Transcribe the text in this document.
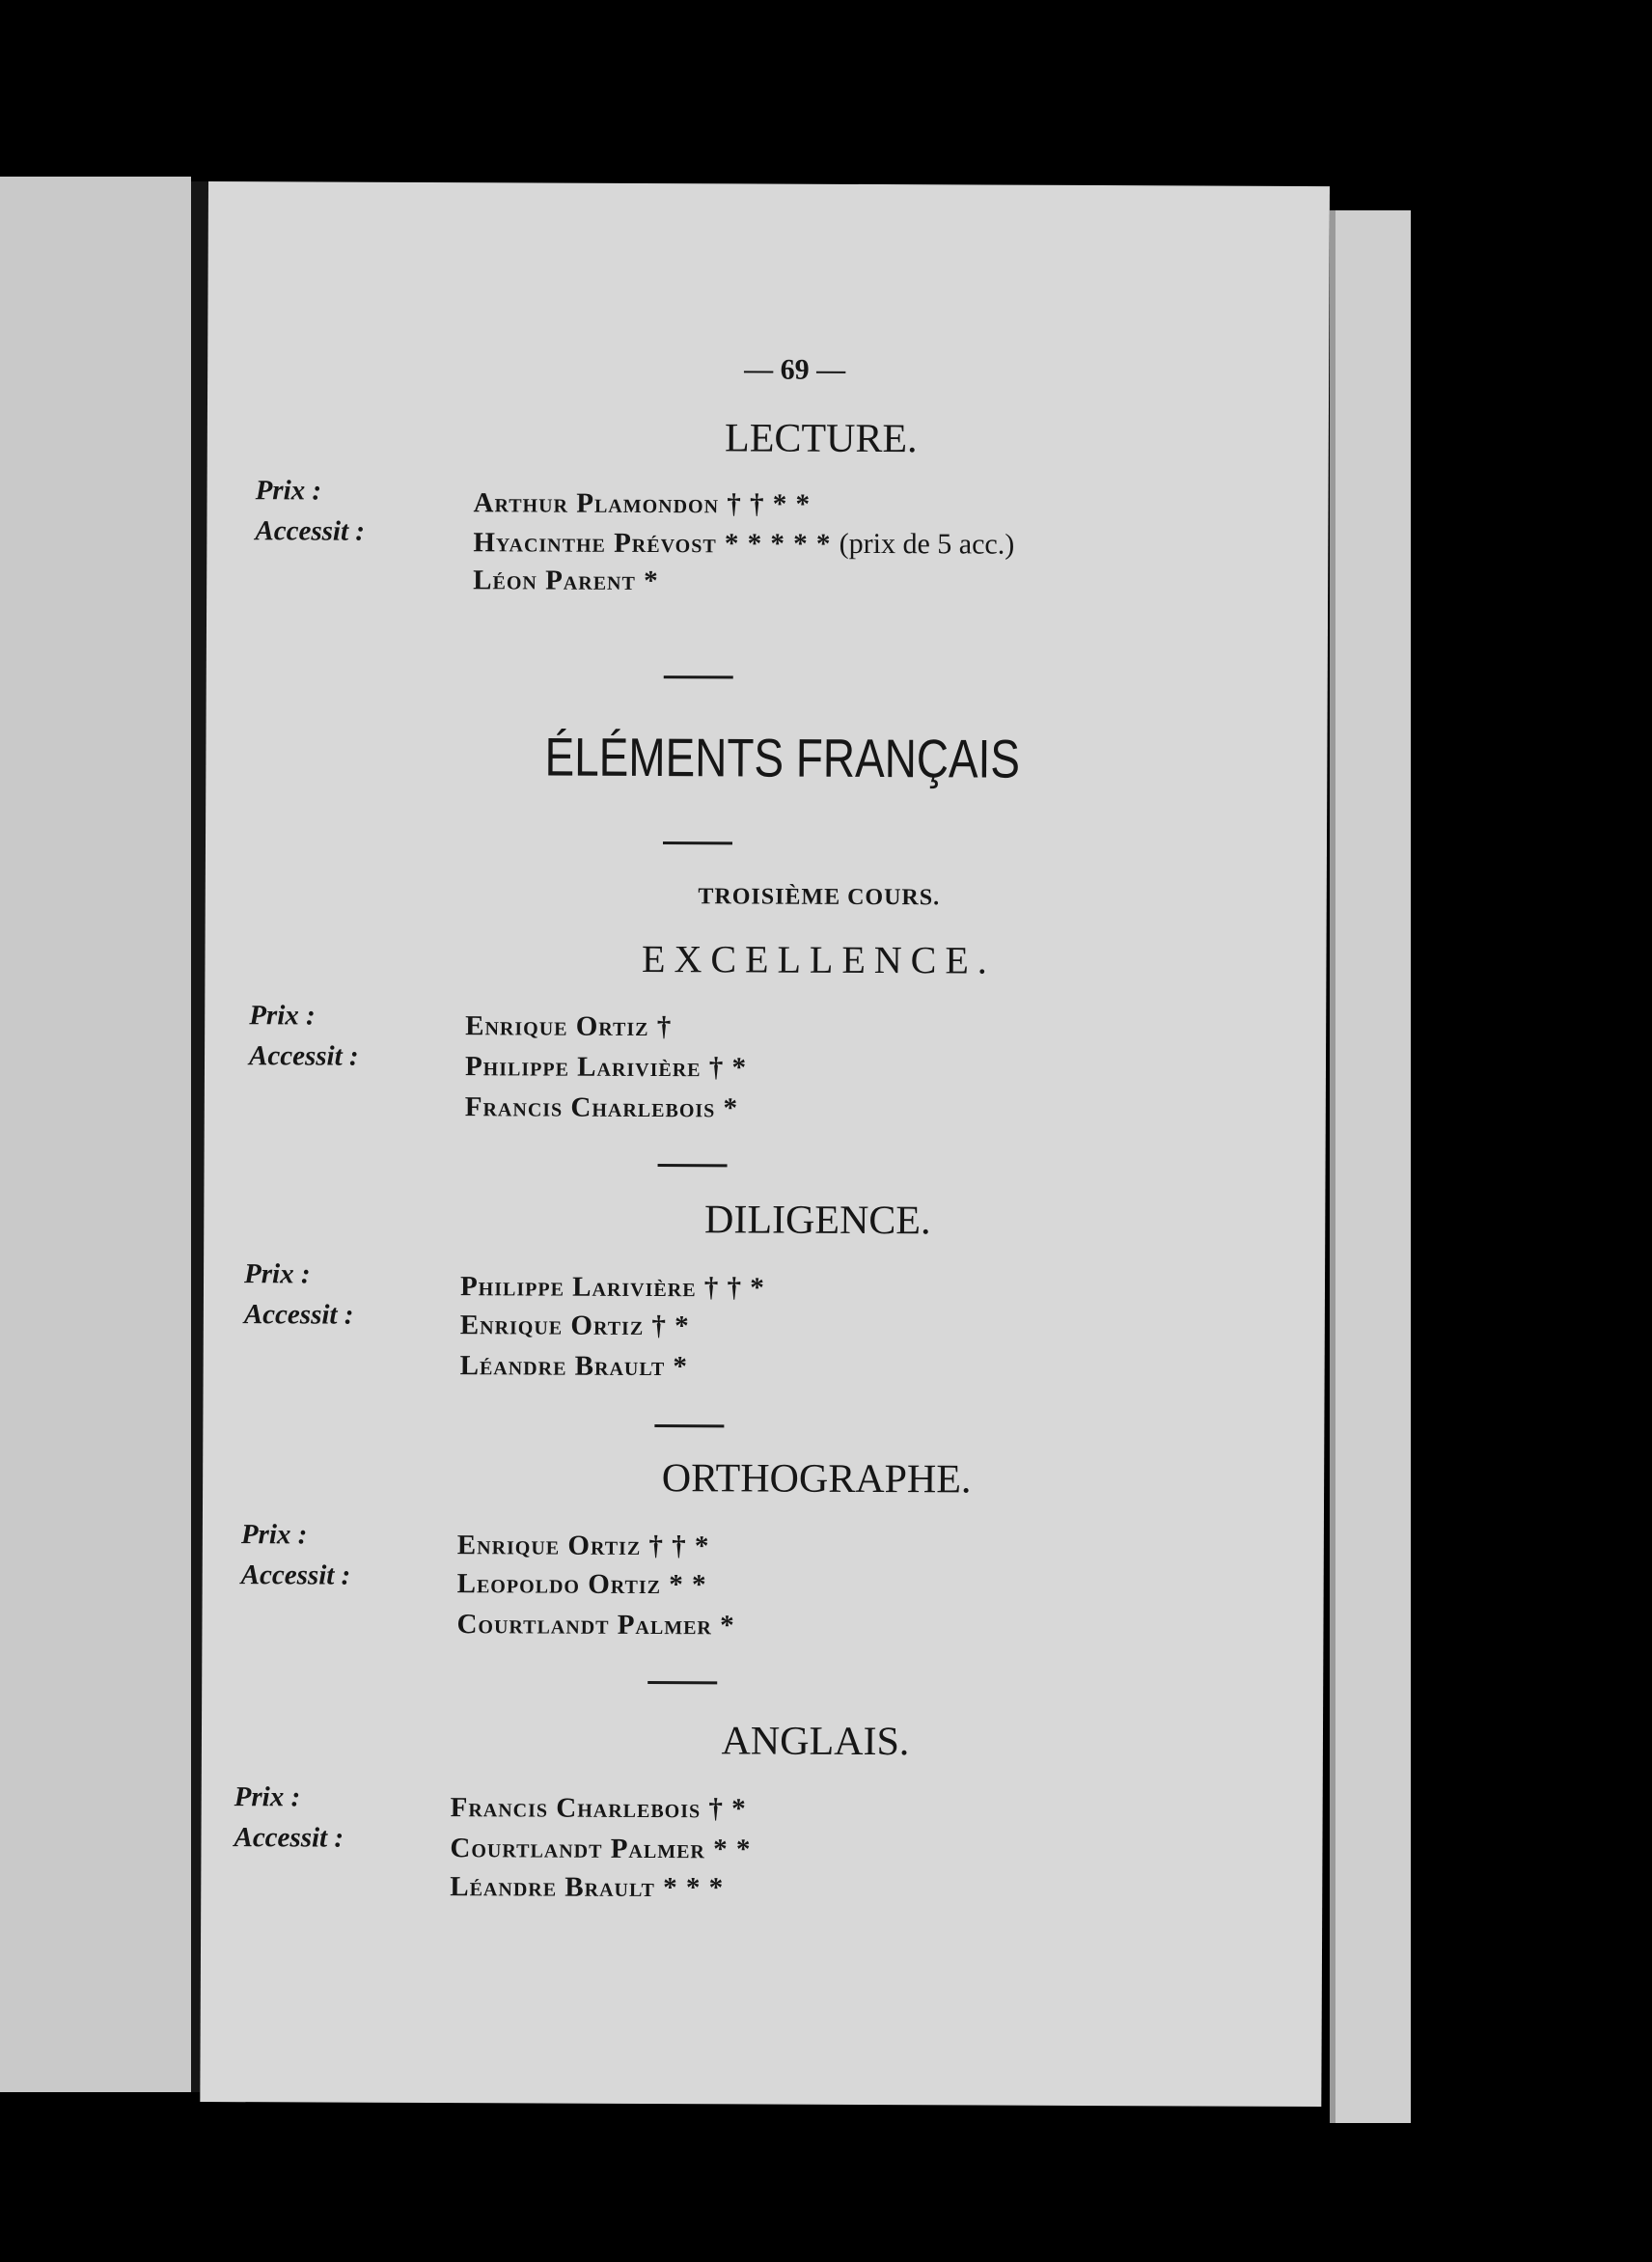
— 69 —
LECTURE.
Prix :	Arthur Plamondon † † * *
Accessit :	Hyacinthe Prévost * * * * * (prix de 5 acc.)
Léon Parent *
ÉLÉMENTS FRANÇAIS
TROISIÈME COURS.
EXCELLENCE.
Prix :	Enrique Ortiz †
Accessit :	Philippe Larivière † *
Francis Charlebois *
DILIGENCE.
Prix :	Philippe Larivière † † *
Accessit :	Enrique Ortiz † *
Léandre Brault *
ORTHOGRAPHE.
Prix :	Enrique Ortiz † † *
Accessit :	Leopoldo Ortiz * *
Courtlandt Palmer *
ANGLAIS.
Prix :	Francis Charlebois † *
Accessit :	Courtlandt Palmer * *
Léandre Brault * * *
